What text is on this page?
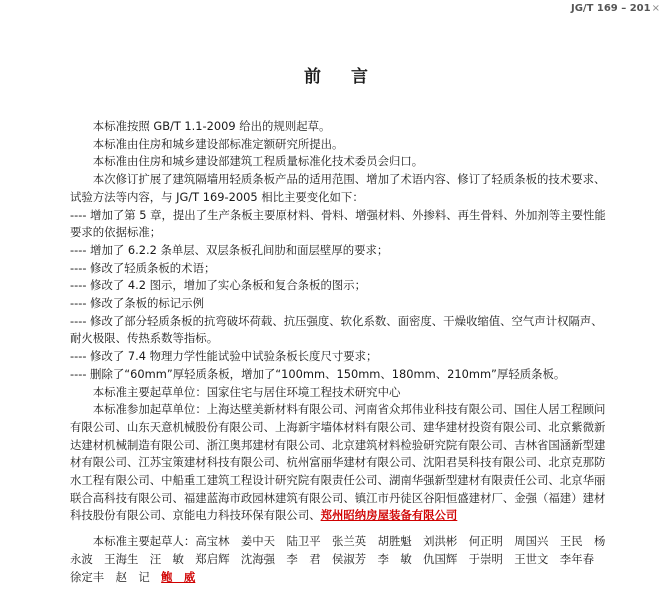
JG/T 169 – 201×
前 言

本标准按照 GB/T 1.1-2009 给出的规则起草。

本标准由住房和城乡建设部标准定额研究所提出。

本标准由住房和城乡建设部建筑工程质量标准化技术委员会归口。

本次修订扩展了建筑隔墙用轻质条板产品的适用范围、增加了术语内容、修订了轻质条板的技术要求、试验方法等内容，与 JG/T 169-2005 相比主要变化如下：

---- 增加了第 5 章，提出了生产条板主要原材料、骨料、增强材料、外掺料、再生骨料、外加剂等主要性能要求的依据标准；

---- 增加了 6.2.2 条单层、双层条板孔间肋和面层壁厚的要求；

---- 修改了轻质条板的术语；

---- 修改了 4.2 图示，增加了实心条板和复合条板的图示；

---- 修改了条板的标记示例

---- 修改了部分轻质条板的抗弯破坏荷载、抗压强度、软化系数、面密度、干燥收缩值、空气声计权隔声、耐火极限、传热系数等指标。

---- 修改了 7.4 物理力学性能试验中试验条板长度尺寸要求；

---- 删除了“60mm”厚轻质条板，增加了“100mm、150mm、180mm、210mm”厚轻质条板。

本标准主要起草单位：国家住宅与居住环境工程技术研究中心

本标准参加起草单位：上海达壁美新材料有限公司、河南省众邦伟业科技有限公司、国住人居工程顾问有限公司、山东天意机械股份有限公司、上海新宇墙体材料有限公司、建华建材投资有限公司、北京紫微新达建材机械制造有限公司、浙江奥邦建材有限公司、北京建筑材料检验研究院有限公司、吉林省国涵新型建材有限公司、江苏宝策建材科技有限公司、杭州富丽华建材有限公司、沈阳君昊科技有限公司、北京克那防水工程有限公司、中船重工建筑工程设计研究院有限责任公司、湖南华强新型建材有限责任公司、北京华丽联合高科技有限公司、福建蓝海市政园林建筑有限公司、镇江市丹徒区谷阳恒盛建材厂、金强（福建）建材科技股份有限公司、京能电力科技环保有限公司、郑州昭纳房屋装备有限公司

本标准主要起草人：高宝林　姜中天　陆卫平　张兰英　胡胜魁　刘洪彬　何正明　周国兴　王民　杨永波　王海生　汪　敏　郑启辉　沈海强　李　君　侯淑芳　李　敏　仇国辉　于崇明　王世文　李年春　徐定丰　赵　记　鲍　威
